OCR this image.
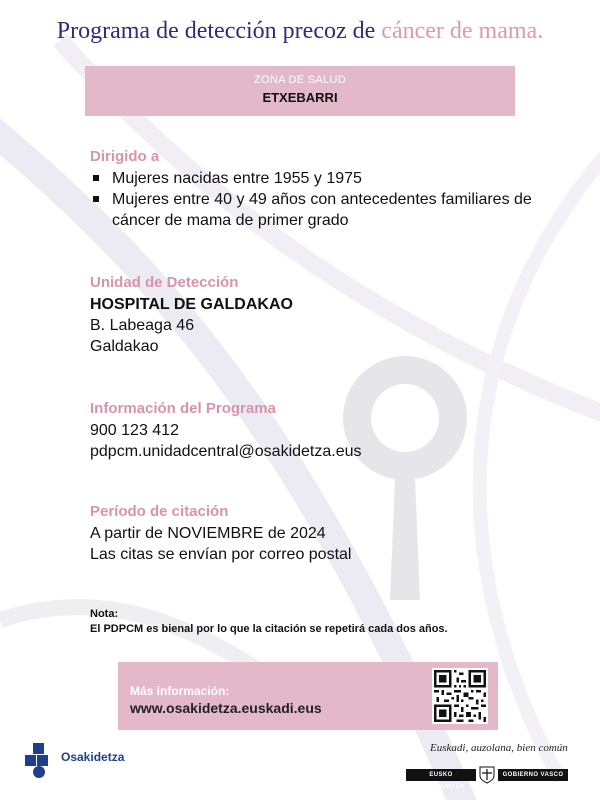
Programa de detección precoz de cáncer de mama.
ZONA DE SALUD
ETXEBARRI
Dirigido a
Mujeres nacidas entre 1955 y 1975
Mujeres entre 40 y 49 años con antecedentes familiares de cáncer de mama de primer grado
Unidad de Detección
HOSPITAL DE GALDAKAO
B. Labeaga 46
Galdakao
Información del Programa
900 123 412
pdpcm.unidadcentral@osakidetza.eus
Período de citación
A partir de NOVIEMBRE de 2024
Las citas se envían por correo postal
Nota:
El PDPCM es bienal por lo que la citación se repetirá cada dos años.
Más información:
www.osakidetza.euskadi.eus
Osakidetza
Euskadi, auzolana, bien común
EUSKO JAURLARITZA
GOBIERNO VASCO
